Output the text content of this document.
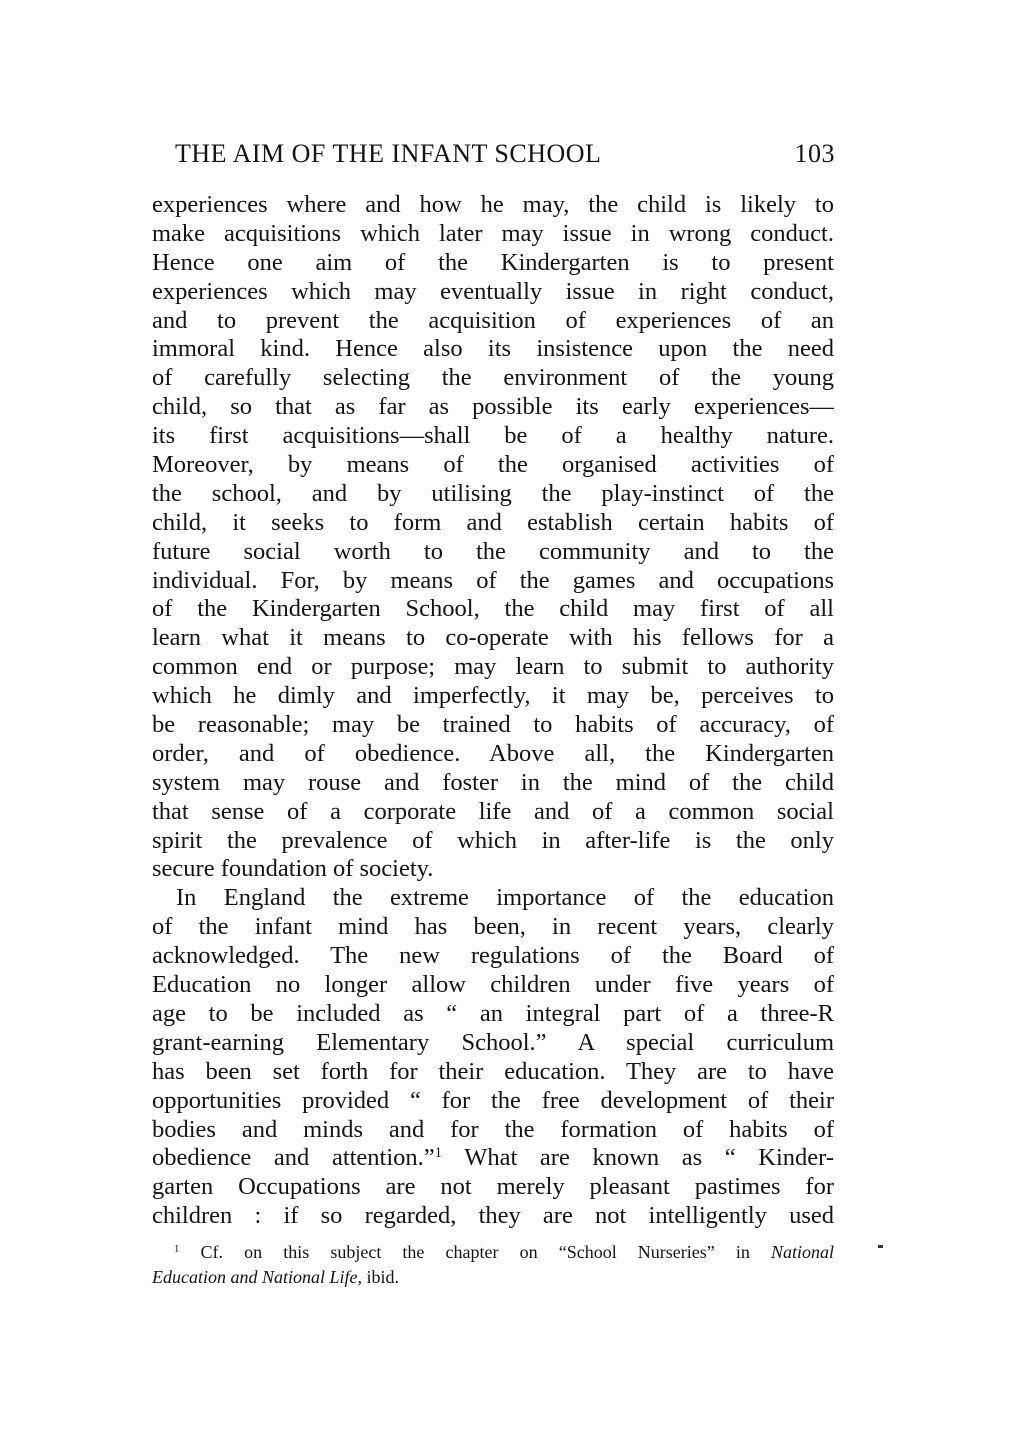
THE AIM OF THE INFANT SCHOOL	103
experiences where and how he may, the child is likely to
make acquisitions which later may issue in wrong conduct.
Hence one aim of the Kindergarten is to present
experiences which may eventually issue in right conduct,
and to prevent the acquisition of experiences of an
immoral kind. Hence also its insistence upon the need
of carefully selecting the environment of the young
child, so that as far as possible its early experiences—
its first acquisitions—shall be of a healthy nature.
Moreover, by means of the organised activities of
the school, and by utilising the play-instinct of the
child, it seeks to form and establish certain habits of
future social worth to the community and to the
individual. For, by means of the games and occupations
of the Kindergarten School, the child may first of all
learn what it means to co-operate with his fellows for a
common end or purpose; may learn to submit to authority
which he dimly and imperfectly, it may be, perceives to
be reasonable; may be trained to habits of accuracy, of
order, and of obedience. Above all, the Kindergarten
system may rouse and foster in the mind of the child
that sense of a corporate life and of a common social
spirit the prevalence of which in after-life is the only
secure foundation of society.
In England the extreme importance of the education
of the infant mind has been, in recent years, clearly
acknowledged. The new regulations of the Board of
Education no longer allow children under five years of
age to be included as “ an integral part of a three-R
grant-earning Elementary School.” A special curriculum
has been set forth for their education. They are to have
opportunities provided “ for the free development of their
bodies and minds and for the formation of habits of
obedience and attention.”$^1$ What are known as “ Kinder-
garten Occupations are not merely pleasant pastimes for
children : if so regarded, they are not intelligently used
$^1$ Cf. on this subject the chapter on “School Nurseries” in National
Education and National Life, ibid.
